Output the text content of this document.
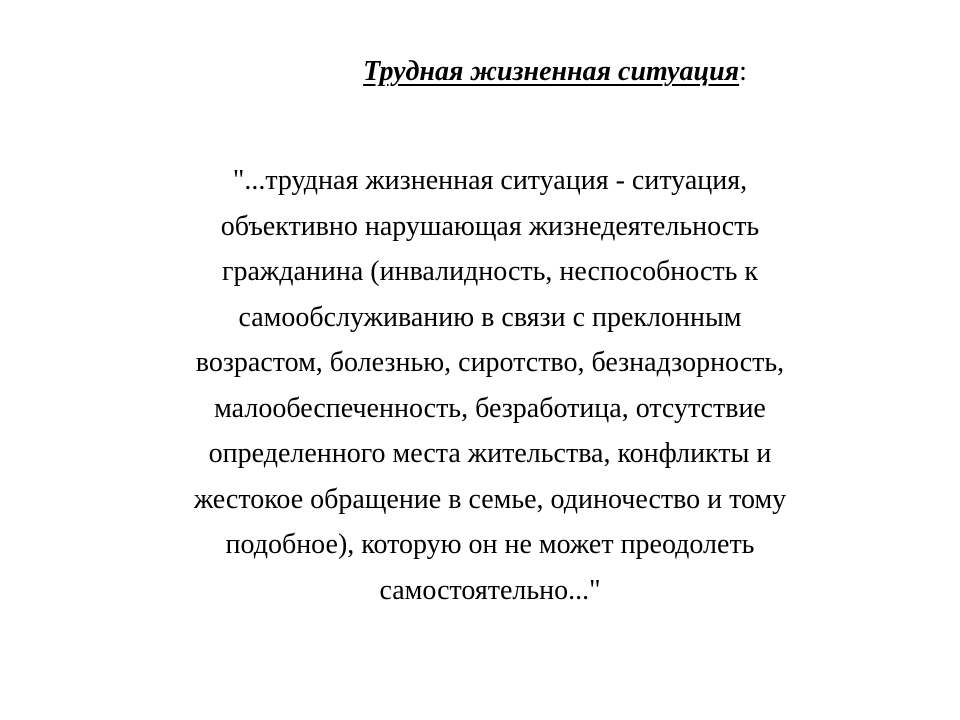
Трудная жизненная ситуация:
"...трудная жизненная ситуация - ситуация,
объективно нарушающая жизнедеятельность
гражданина (инвалидность, неспособность к
самообслуживанию в связи с преклонным
возрастом, болезнью, сиротство, безнадзорность,
малообеспеченность, безработица, отсутствие
определенного места жительства, конфликты и
жестокое обращение в семье, одиночество и тому
подобное), которую он не может преодолеть
самостоятельно..."
